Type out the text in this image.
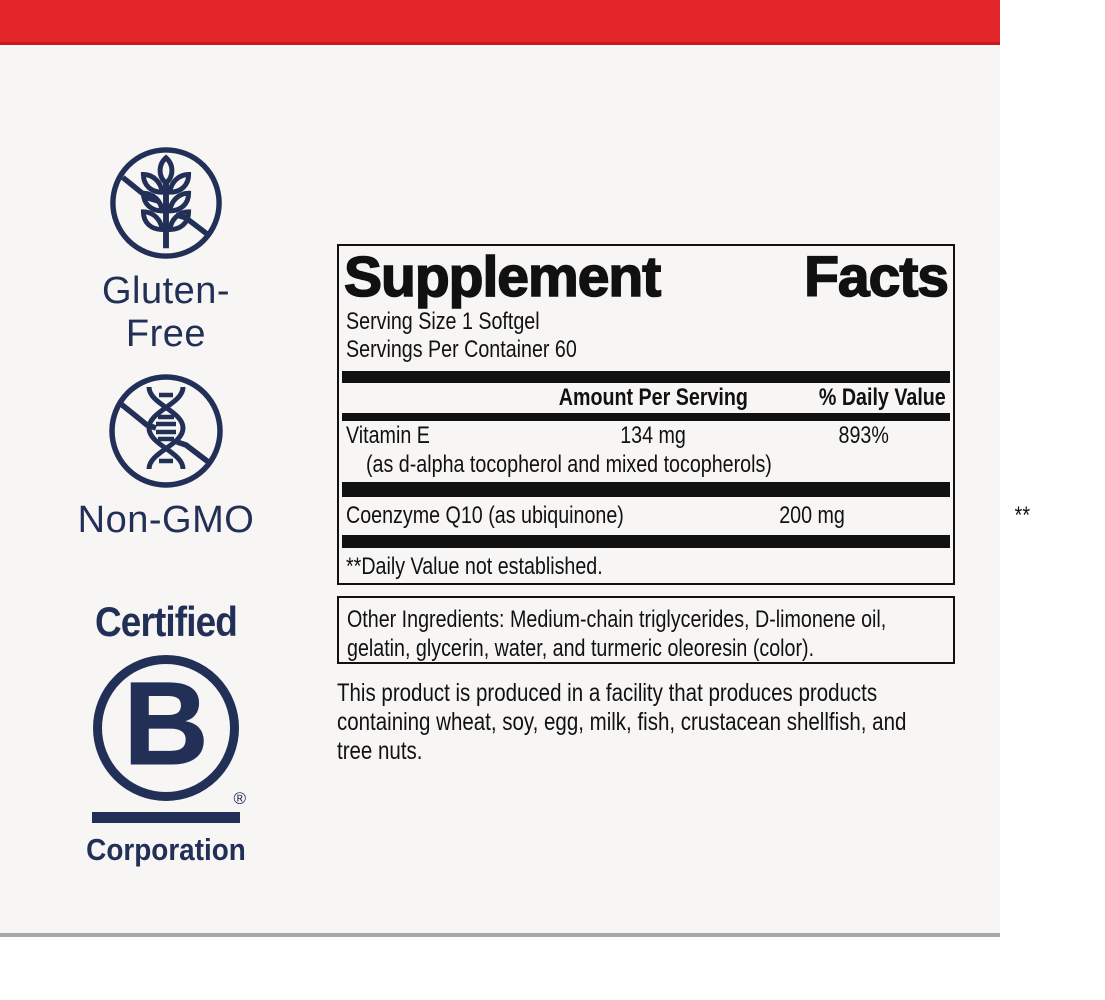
Gluten-Free
Non-GMO
Certified
B
®
Corporation
Supplement	Facts
Serving Size 1 Softgel
Servings Per Container 60
Amount Per Serving	% Daily Value
Vitamin E	134 mg	893%
(as d-alpha tocopherol and mixed tocopherols)
Coenzyme Q10 (as ubiquinone)	200 mg	**
**Daily Value not established.
Other Ingredients: Medium-chain triglycerides, D-limonene oil,
gelatin, glycerin, water, and turmeric oleoresin (color).
This product is produced in a facility that produces products
containing wheat, soy, egg, milk, fish, crustacean shellfish, and
tree nuts.
